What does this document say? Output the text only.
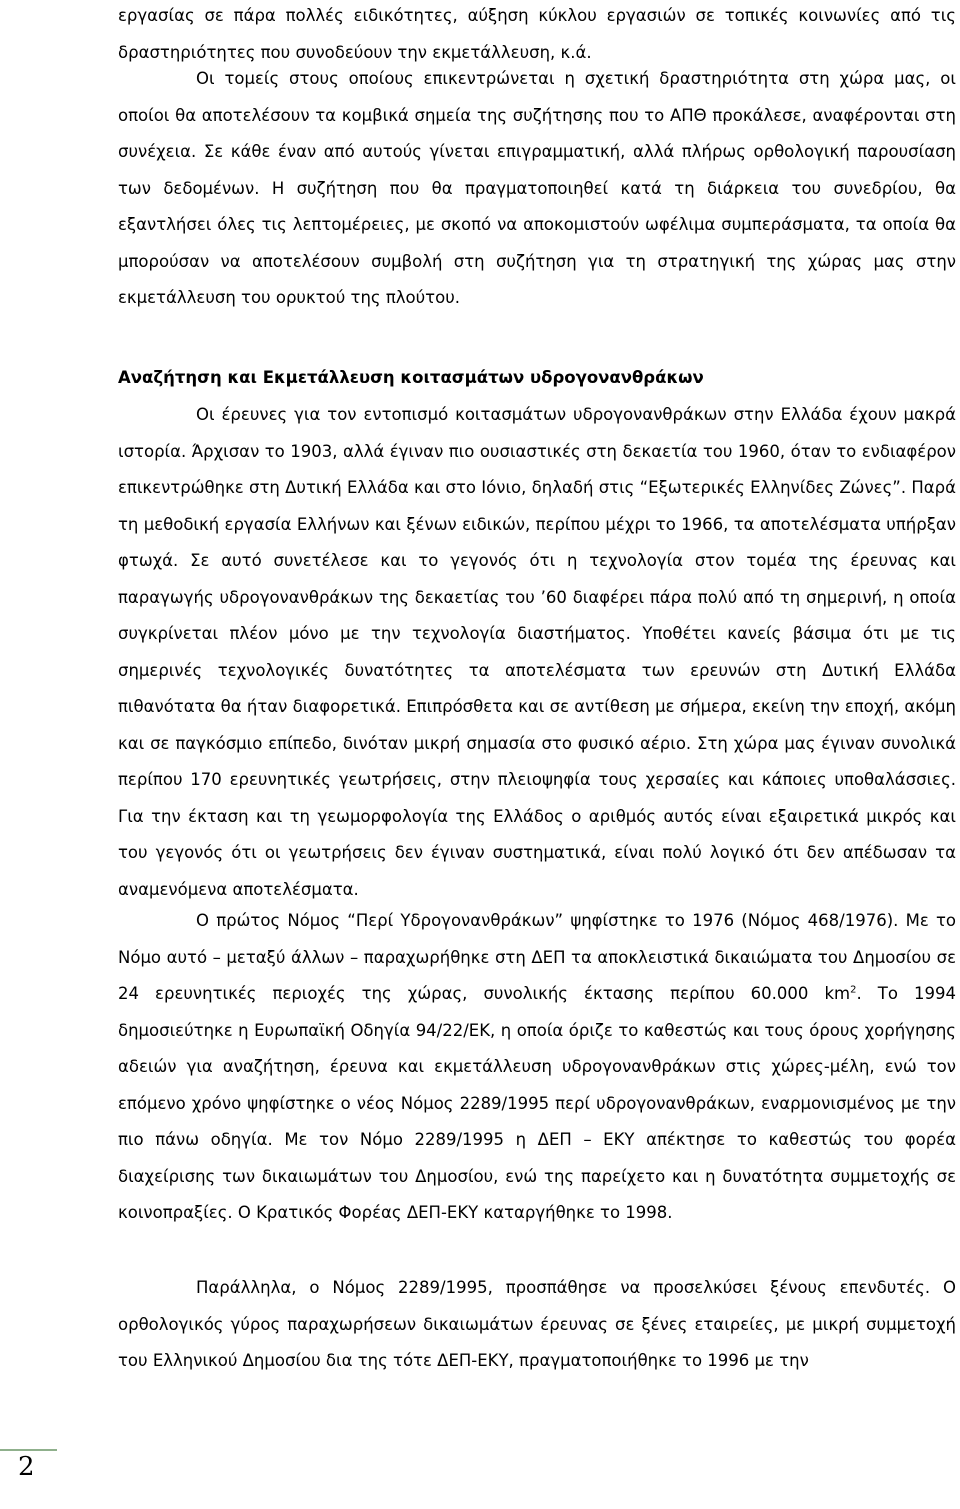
εργασίας σε πάρα πολλές ειδικότητες, αύξηση κύκλου εργασιών σε τοπικές κοινωνίες από τις δραστηριότητες που συνοδεύουν την εκμετάλλευση, κ.ά.

Οι τομείς στους οποίους επικεντρώνεται η σχετική δραστηριότητα στη χώρα μας, οι οποίοι θα αποτελέσουν τα κομβικά σημεία της συζήτησης που το ΑΠΘ προκάλεσε, αναφέρονται στη συνέχεια. Σε κάθε έναν από αυτούς γίνεται επιγραμματική, αλλά πλήρως ορθολογική παρουσίαση των δεδομένων. Η συζήτηση που θα πραγματοποιηθεί κατά τη διάρκεια του συνεδρίου, θα εξαντλήσει όλες τις λεπτομέρειες, με σκοπό να αποκομιστούν ωφέλιμα συμπεράσματα, τα οποία θα μπορούσαν να αποτελέσουν συμβολή στη συζήτηση για τη στρατηγική της χώρας μας στην εκμετάλλευση του ορυκτού της πλούτου.

Αναζήτηση και Εκμετάλλευση κοιτασμάτων υδρογονανθράκων

Οι έρευνες για τον εντοπισμό κοιτασμάτων υδρογονανθράκων στην Ελλάδα έχουν μακρά ιστορία. Άρχισαν το 1903, αλλά έγιναν πιο ουσιαστικές στη δεκαετία του 1960, όταν το ενδιαφέρον επικεντρώθηκε στη Δυτική Ελλάδα και στο Ιόνιο, δηλαδή στις “Εξωτερικές Ελληνίδες Ζώνες”. Παρά τη μεθοδική εργασία Ελλήνων και ξένων ειδικών, περίπου μέχρι το 1966, τα αποτελέσματα υπήρξαν φτωχά. Σε αυτό συνετέλεσε και το γεγονός ότι η τεχνολογία στον τομέα της έρευνας και παραγωγής υδρογονανθράκων της δεκαετίας του ’60 διαφέρει πάρα πολύ από τη σημερινή, η οποία συγκρίνεται πλέον μόνο με την τεχνολογία διαστήματος. Υποθέτει κανείς βάσιμα ότι με τις σημερινές τεχνολογικές δυνατότητες τα αποτελέσματα των ερευνών στη Δυτική Ελλάδα πιθανότατα θα ήταν διαφορετικά. Επιπρόσθετα και σε αντίθεση με σήμερα, εκείνη την εποχή, ακόμη και σε παγκόσμιο επίπεδο, δινόταν μικρή σημασία στο φυσικό αέριο. Στη χώρα μας έγιναν συνολικά περίπου 170 ερευνητικές γεωτρήσεις, στην πλειοψηφία τους χερσαίες και κάποιες υποθαλάσσιες. Για την έκταση και τη γεωμορφολογία της Ελλάδος ο αριθμός αυτός είναι εξαιρετικά μικρός και του γεγονός ότι οι γεωτρήσεις δεν έγιναν συστηματικά, είναι πολύ λογικό ότι δεν απέδωσαν τα αναμενόμενα αποτελέσματα.

Ο πρώτος Νόμος “Περί Υδρογονανθράκων” ψηφίστηκε το 1976 (Νόμος 468/1976). Με το Νόμο αυτό – μεταξύ άλλων – παραχωρήθηκε στη ΔΕΠ τα αποκλειστικά δικαιώματα του Δημοσίου σε 24 ερευνητικές περιοχές της χώρας, συνολικής έκτασης περίπου 60.000 $km^2$. Το 1994 δημοσιεύτηκε η Ευρωπαϊκή Οδηγία 94/22/ΕΚ, η οποία όριζε το καθεστώς και τους όρους χορήγησης αδειών για αναζήτηση, έρευνα και εκμετάλλευση υδρογονανθράκων στις χώρες-μέλη, ενώ τον επόμενο χρόνο ψηφίστηκε ο νέος Νόμος 2289/1995 περί υδρογονανθράκων, εναρμονισμένος με την πιο πάνω οδηγία. Με τον Νόμο 2289/1995 η ΔΕΠ – ΕΚΥ απέκτησε το καθεστώς του φορέα διαχείρισης των δικαιωμάτων του Δημοσίου, ενώ της παρείχετο και η δυνατότητα συμμετοχής σε κοινοπραξίες. Ο Κρατικός Φορέας ΔΕΠ-ΕΚΥ καταργήθηκε το 1998.

Παράλληλα, ο Νόμος 2289/1995, προσπάθησε να προσελκύσει ξένους επενδυτές. Ο ορθολογικός γύρος παραχωρήσεων δικαιωμάτων έρευνας σε ξένες εταιρείες, με μικρή συμμετοχή του Ελληνικού Δημοσίου δια της τότε ΔΕΠ-ΕΚΥ, πραγματοποιήθηκε το 1996 με την

2
